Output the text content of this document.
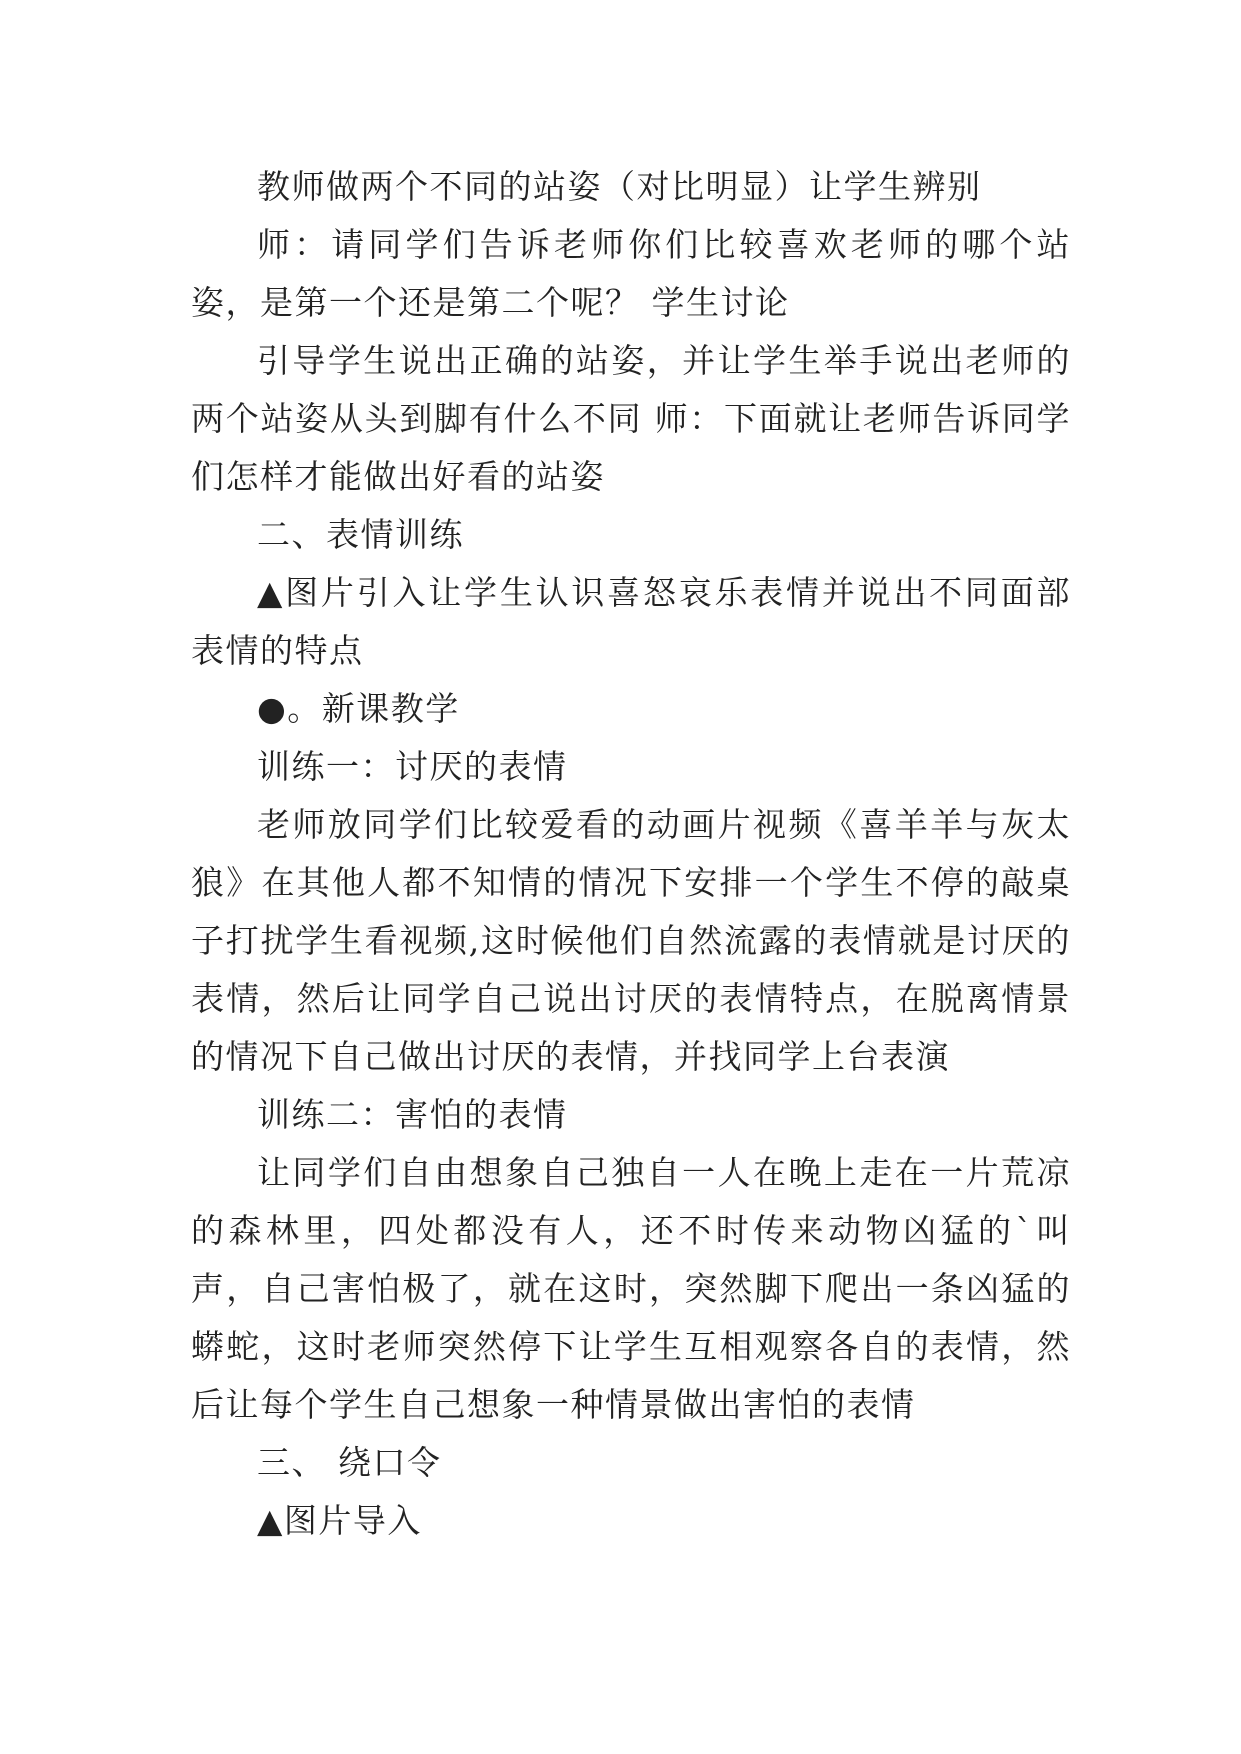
教师做两个不同的站姿（对比明显）让学生辨别

师：请同学们告诉老师你们比较喜欢老师的哪个站姿，是第一个还是第二个呢？ 学生讨论

引导学生说出正确的站姿，并让学生举手说出老师的两个站姿从头到脚有什么不同 师：下面就让老师告诉同学们怎样才能做出好看的站姿

二、表情训练

▲图片引入让学生认识喜怒哀乐表情并说出不同面部表情的特点

●。新课教学

训练一：讨厌的表情

老师放同学们比较爱看的动画片视频《喜羊羊与灰太狼》在其他人都不知情的情况下安排一个学生不停的敲桌子打扰学生看视频,这时候他们自然流露的表情就是讨厌的表情，然后让同学自己说出讨厌的表情特点，在脱离情景的情况下自己做出讨厌的表情，并找同学上台表演

训练二：害怕的表情

让同学们自由想象自己独自一人在晚上走在一片荒凉的森林里，四处都没有人，还不时传来动物凶猛的`叫声，自己害怕极了，就在这时，突然脚下爬出一条凶猛的蟒蛇，这时老师突然停下让学生互相观察各自的表情，然后让每个学生自己想象一种情景做出害怕的表情

三、 绕口令

▲图片导入
